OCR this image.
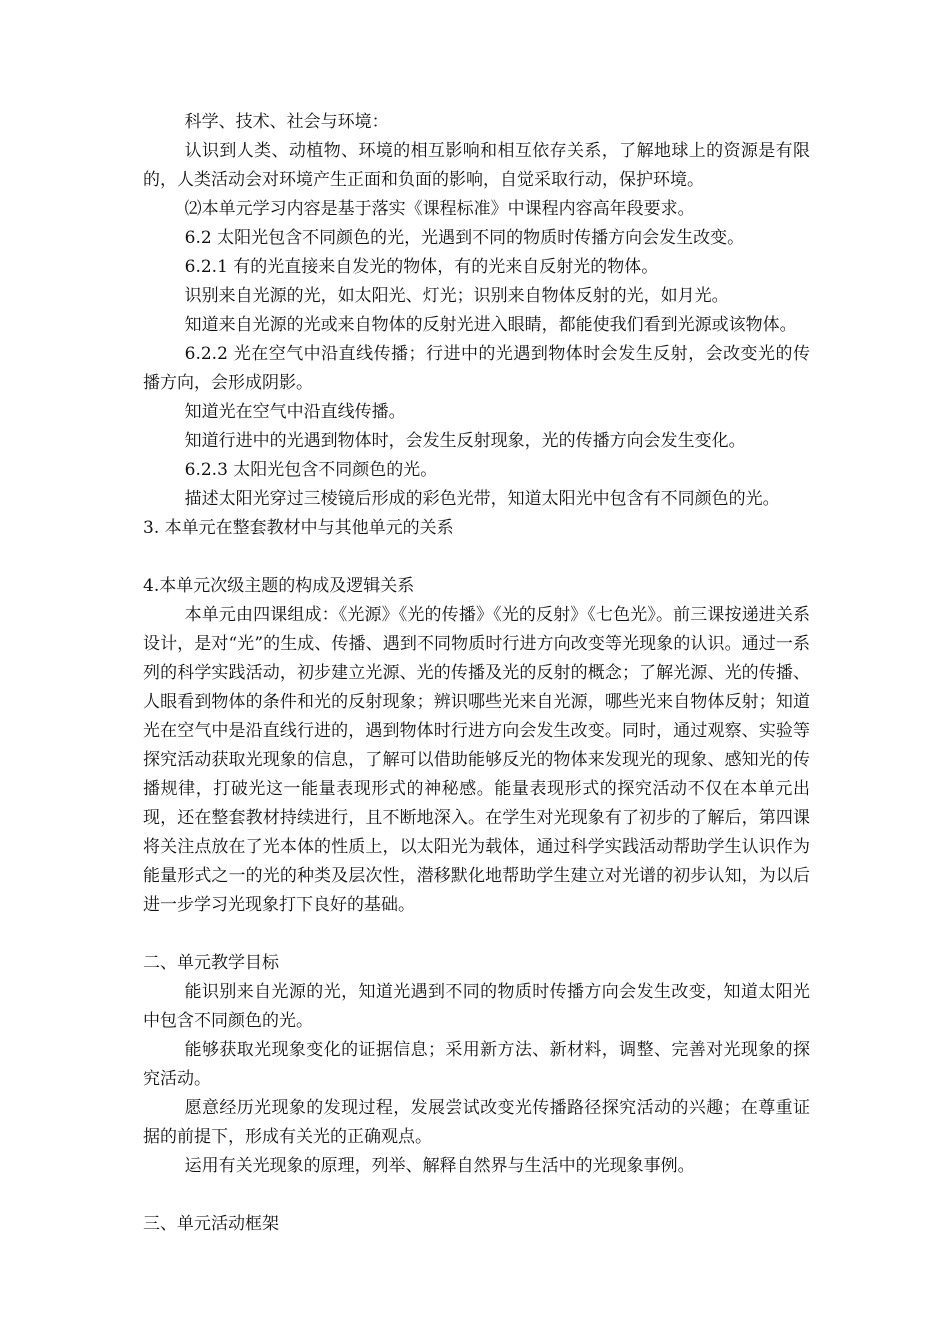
科学、技术、社会与环境：

认识到人类、动植物、环境的相互影响和相互依存关系，了解地球上的资源是有限的，人类活动会对环境产生正面和负面的影响，自觉采取行动，保护环境。

⑵本单元学习内容是基于落实《课程标准》中课程内容高年段要求。

6.2 太阳光包含不同颜色的光，光遇到不同的物质时传播方向会发生改变。

6.2.1 有的光直接来自发光的物体，有的光来自反射光的物体。

识别来自光源的光，如太阳光、灯光；识别来自物体反射的光，如月光。

知道来自光源的光或来自物体的反射光进入眼睛，都能使我们看到光源或该物体。

6.2.2 光在空气中沿直线传播；行进中的光遇到物体时会发生反射，会改变光的传播方向，会形成阴影。

知道光在空气中沿直线传播。

知道行进中的光遇到物体时，会发生反射现象，光的传播方向会发生变化。

6.2.3 太阳光包含不同颜色的光。

描述太阳光穿过三棱镜后形成的彩色光带，知道太阳光中包含有不同颜色的光。

3. 本单元在整套教材中与其他单元的关系

4.本单元次级主题的构成及逻辑关系

本单元由四课组成：《光源》《光的传播》《光的反射》《七色光》。前三课按递进关系设计，是对“光”的生成、传播、遇到不同物质时行进方向改变等光现象的认识。通过一系列的科学实践活动，初步建立光源、光的传播及光的反射的概念；了解光源、光的传播、人眼看到物体的条件和光的反射现象；辨识哪些光来自光源，哪些光来自物体反射；知道光在空气中是沿直线行进的，遇到物体时行进方向会发生改变。同时，通过观察、实验等探究活动获取光现象的信息，了解可以借助能够反光的物体来发现光的现象、感知光的传播规律，打破光这一能量表现形式的神秘感。能量表现形式的探究活动不仅在本单元出现，还在整套教材持续进行，且不断地深入。在学生对光现象有了初步的了解后，第四课将关注点放在了光本体的性质上，以太阳光为载体，通过科学实践活动帮助学生认识作为能量形式之一的光的种类及层次性，潜移默化地帮助学生建立对光谱的初步认知，为以后进一步学习光现象打下良好的基础。

二、单元教学目标

能识别来自光源的光，知道光遇到不同的物质时传播方向会发生改变，知道太阳光中包含不同颜色的光。

能够获取光现象变化的证据信息；采用新方法、新材料，调整、完善对光现象的探究活动。

愿意经历光现象的发现过程，发展尝试改变光传播路径探究活动的兴趣；在尊重证据的前提下，形成有关光的正确观点。

运用有关光现象的原理，列举、解释自然界与生活中的光现象事例。

三、单元活动框架
